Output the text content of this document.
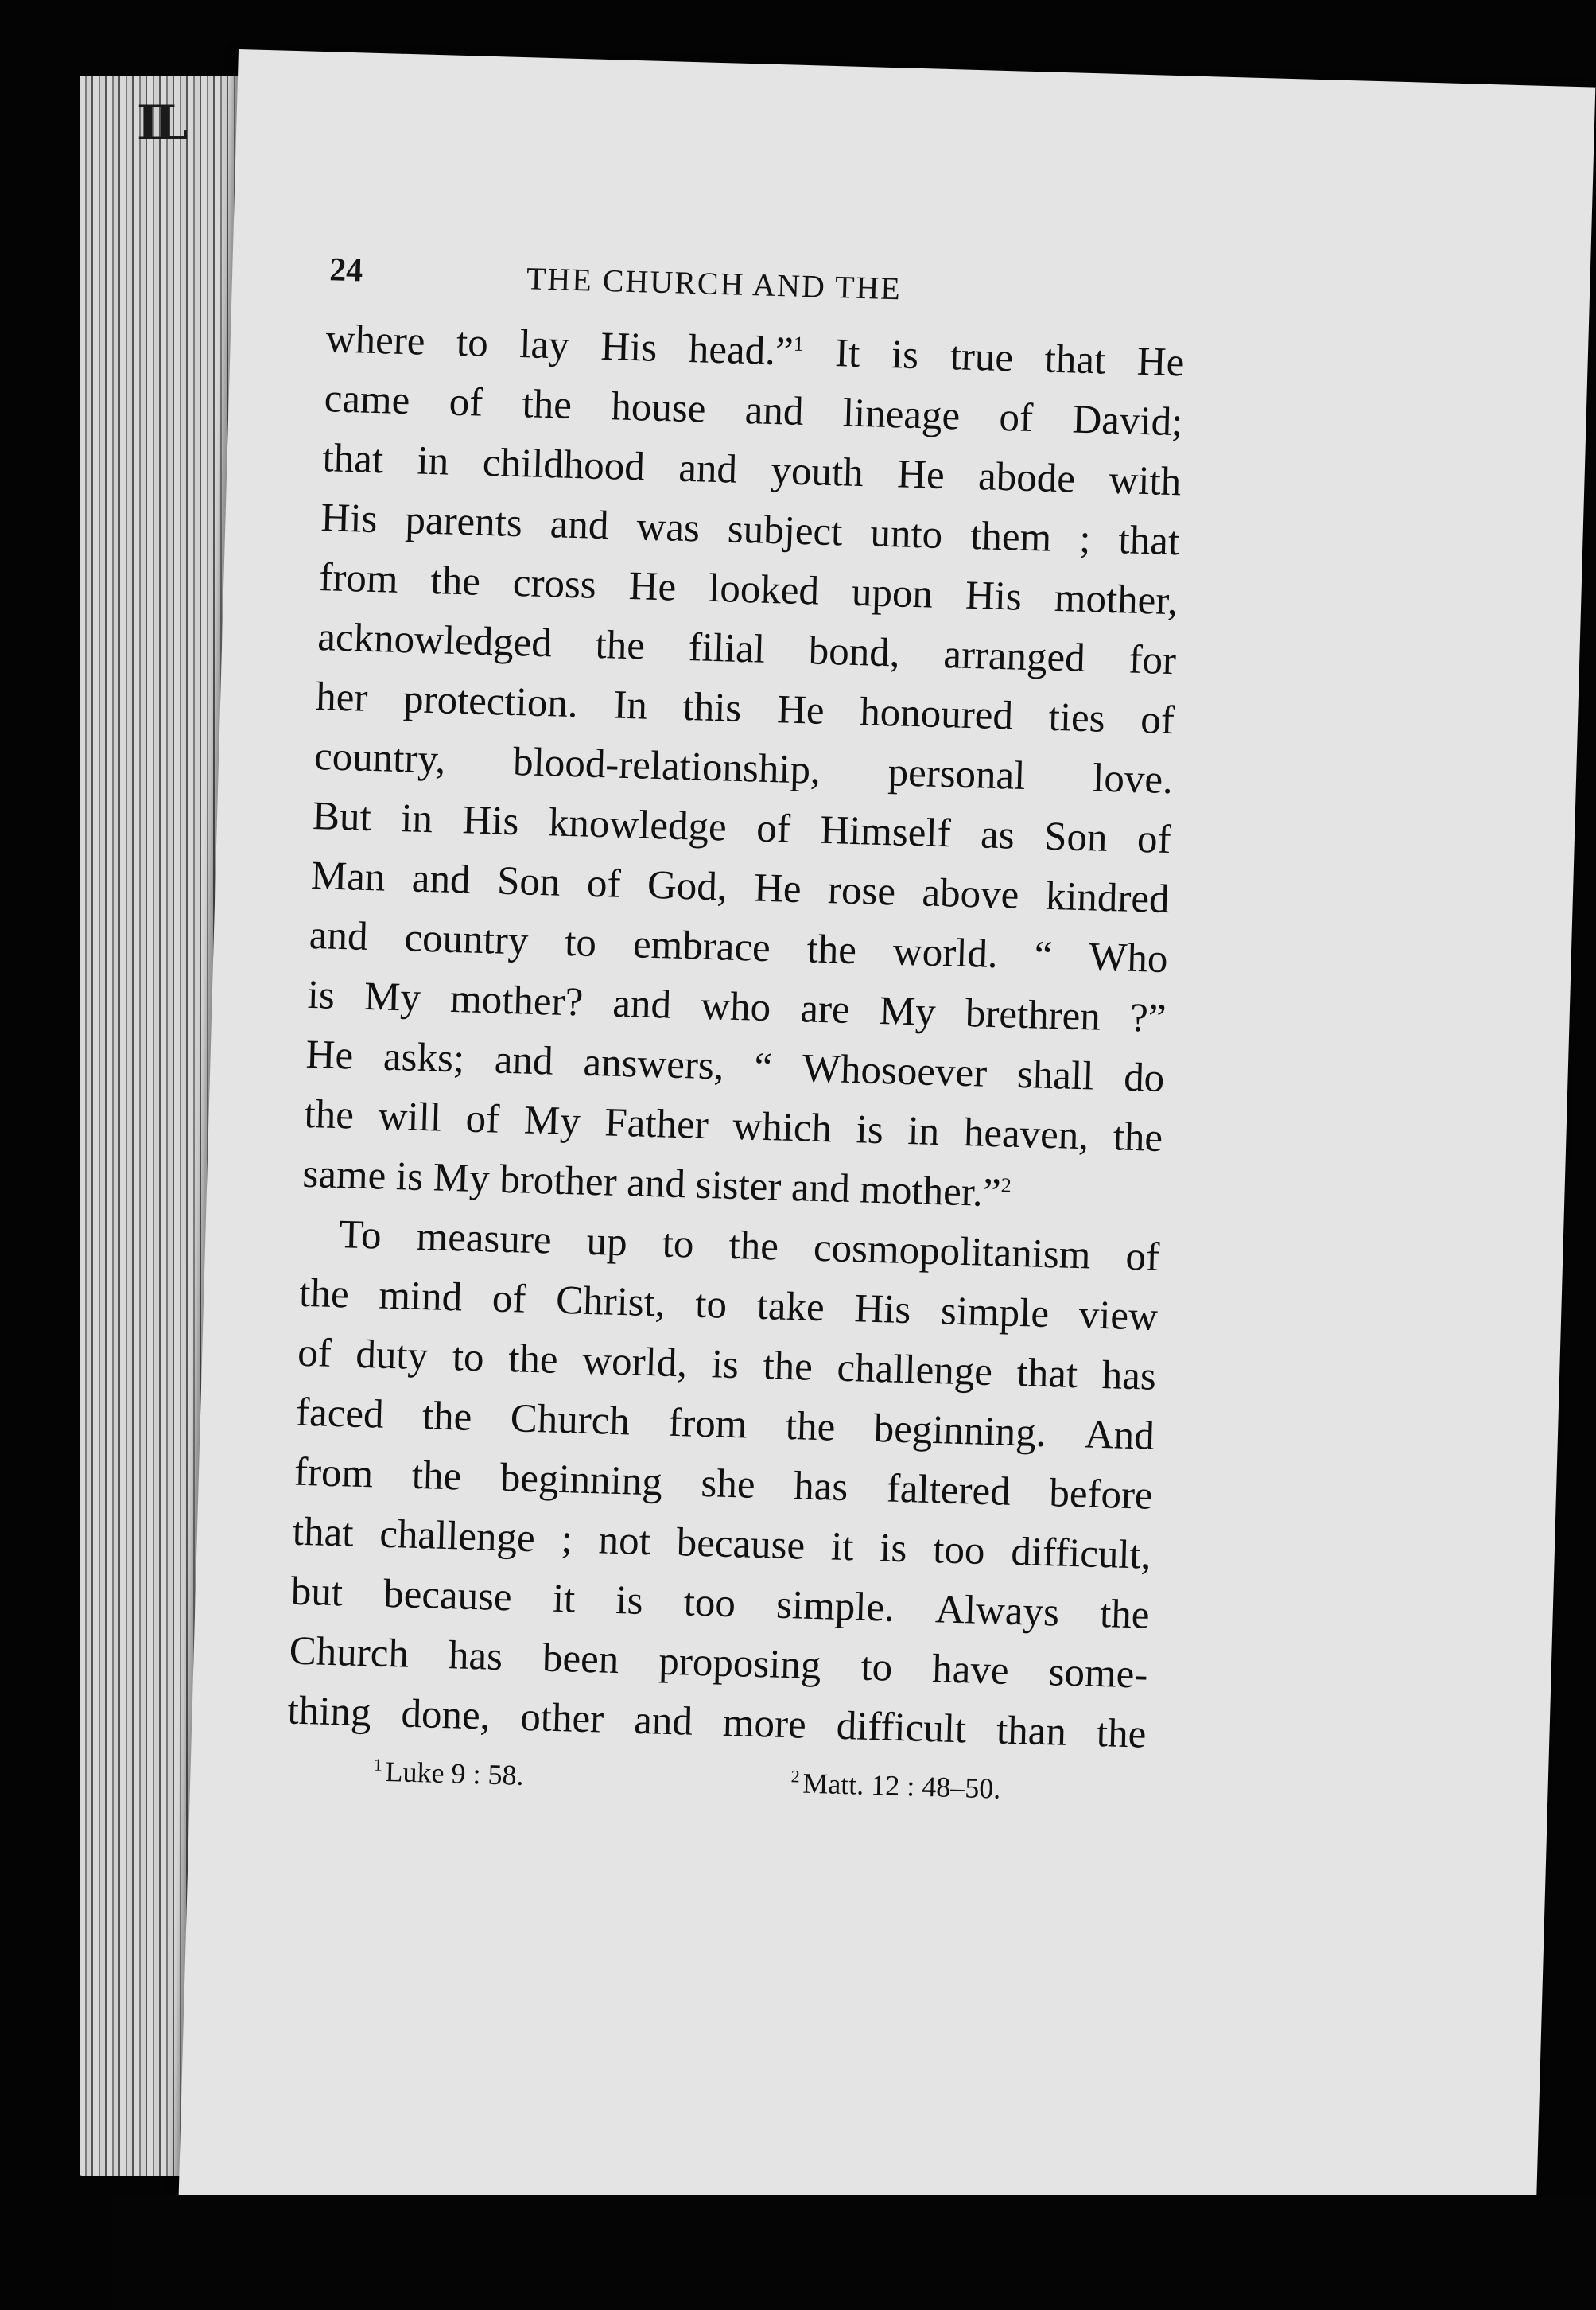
IL
24	THE CHURCH AND THE
where to lay His head.”$^1$ It is true that He
came of the house and lineage of David;
that in childhood and youth He abode with
His parents and was subject unto them ; that
from the cross He looked upon His mother,
acknowledged the filial bond, arranged for
her protection. In this He honoured ties of
country, blood-relationship, personal love.
But in His knowledge of Himself as Son of
Man and Son of God, He rose above kindred
and country to embrace the world. “ Who
is My mother? and who are My brethren ?”
He asks; and answers, “ Whosoever shall do
the will of My Father which is in heaven, the
same
is
My
brother
and
sister
and
mother.”$^2$
To measure up to the cosmopolitanism of
the mind of Christ, to take His simple view
of duty to the world, is the challenge that has
faced the Church from the beginning. And
from the beginning she has faltered before
that challenge ; not because it is too difficult,
but because it is too simple. Always the
Church has been proposing to have some-
thing done, other and more difficult than the
$^1$Luke 9 : 58.	$^2$Matt. 12 : 48–50.
